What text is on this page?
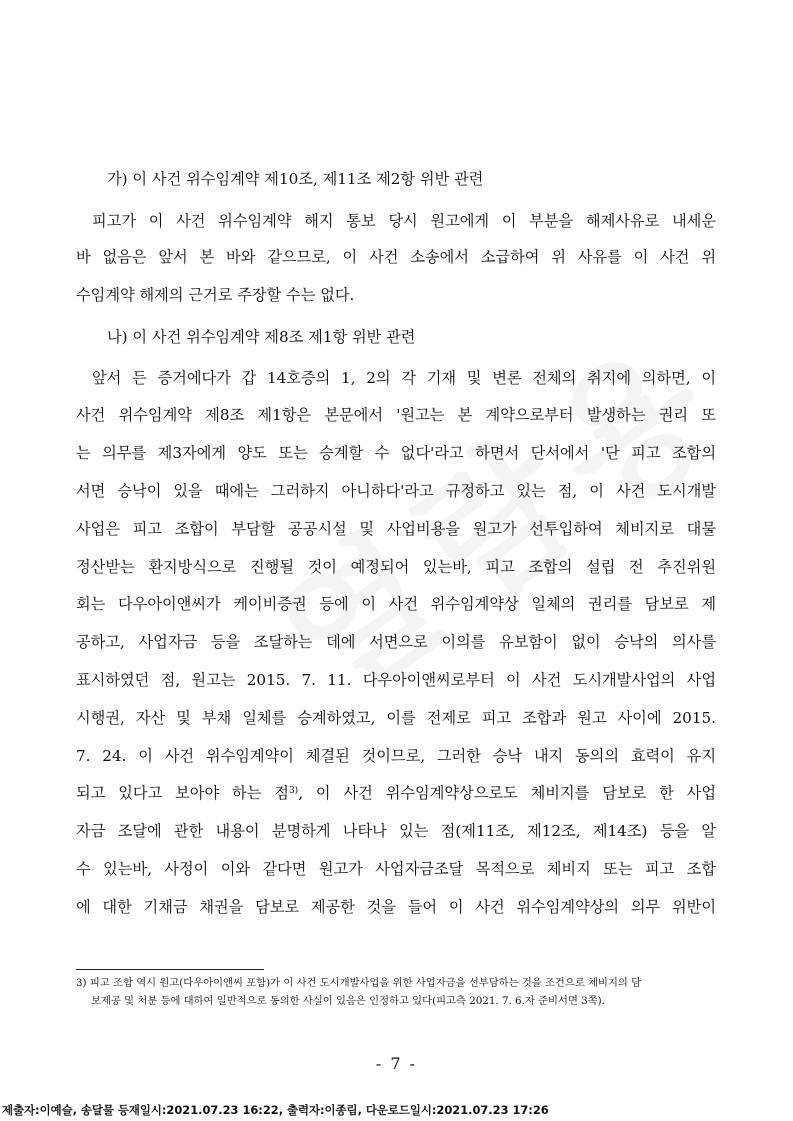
가) 이 사건 위수임계약 제10조, 제11조 제2항 위반 관련
피고가 이 사건 위수임계약 해지 통보 당시 원고에게 이 부분을 해제사유로 내세운
바 없음은 앞서 본 바와 같으므로, 이 사건 소송에서 소급하여 위 사유를 이 사건 위
수임계약 해제의 근거로 주장할 수는 없다.
나) 이 사건 위수임계약 제8조 제1항 위반 관련
앞서 든 증거에다가 갑 14호증의 1, 2의 각 기재 및 변론 전체의 취지에 의하면, 이
사건 위수임계약 제8조 제1항은 본문에서 '원고는 본 계약으로부터 발생하는 권리 또
는 의무를 제3자에게 양도 또는 승계할 수 없다'라고 하면서 단서에서 '단 피고 조합의
서면 승낙이 있을 때에는 그러하지 아니하다'라고 규정하고 있는 점, 이 사건 도시개발
사업은 피고 조합이 부담할 공공시설 및 사업비용을 원고가 선투입하여 체비지로 대물
정산받는 환지방식으로 진행될 것이 예정되어 있는바, 피고 조합의 설립 전 추진위원
회는 다우아이앤씨가 케이비증권 등에 이 사건 위수임계약상 일체의 권리를 담보로 제
공하고, 사업자금 등을 조달하는 데에 서면으로 이의를 유보함이 없이 승낙의 의사를
표시하였던 점, 원고는 2015. 7. 11. 다우아이앤씨로부터 이 사건 도시개발사업의 사업
시행권, 자산 및 부채 일체를 승계하였고, 이를 전제로 피고 조합과 원고 사이에 2015.
7. 24. 이 사건 위수임계약이 체결된 것이므로, 그러한 승낙 내지 동의의 효력이 유지
되고 있다고 보아야 하는 점$^{3)}$, 이 사건 위수임계약상으로도 체비지를 담보로 한 사업
자금 조달에 관한 내용이 분명하게 나타나 있는 점(제11조, 제12조, 제14조) 등을 알
수 있는바, 사정이 이와 같다면 원고가 사업자금조달 목적으로 체비지 또는 피고 조합
에 대한 기채금 채권을 담보로 제공한 것을 들어 이 사건 위수임계약상의 의무 위반이
3) 피고 조합 역시 원고(다우아이앤씨 포함)가 이 사건 도시개발사업을 위한 사업자금을 선부담하는 것을 조건으로 체비지의 담
보제공 및 처분 등에 대하여 일반적으로 동의한 사실이 있음은 인정하고 있다(피고측 2021. 7. 6.자 준비서면 3쪽).
- 7 -
제출자:이예슬, 송달물 등재일시:2021.07.23 16:22, 출력자:이종림, 다운로드일시:2021.07.23 17:26
